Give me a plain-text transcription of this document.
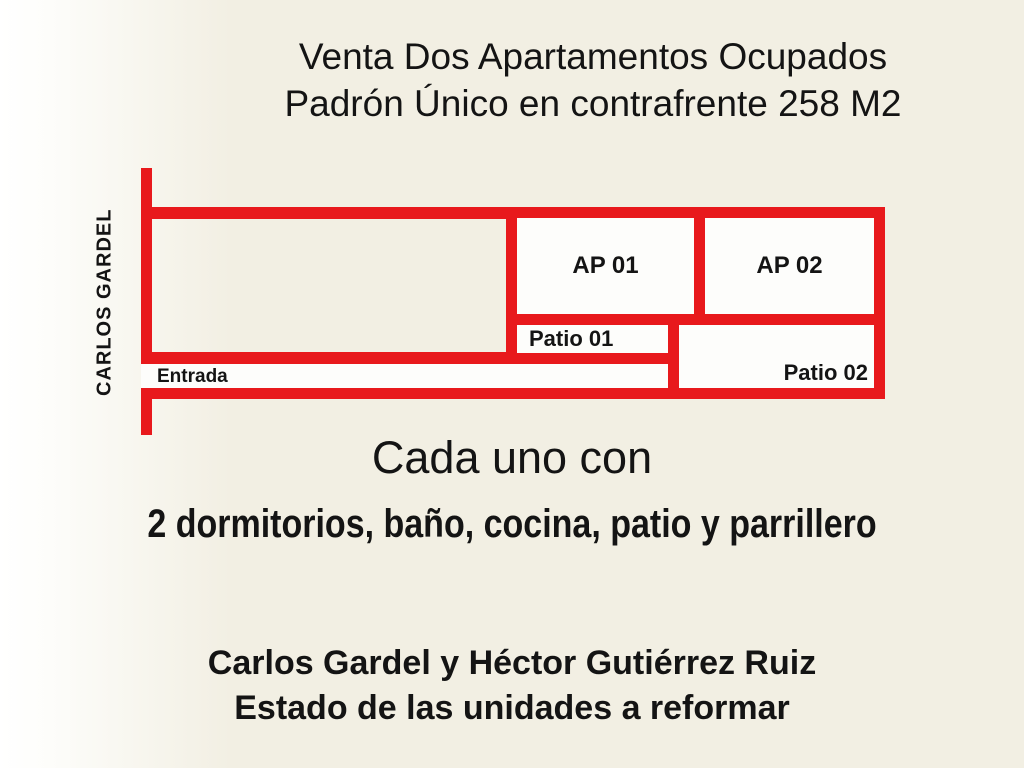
Venta Dos Apartamentos Ocupados
Padrón Único en contrafrente 258 M2
CARLOS GARDEL	Entrada
AP 01	AP 02
Patio 01
Patio 02
Cada uno con
2 dormitorios, baño, cocina, patio y parrillero
Carlos Gardel y Héctor Gutiérrez Ruiz
Estado de las unidades a reformar
